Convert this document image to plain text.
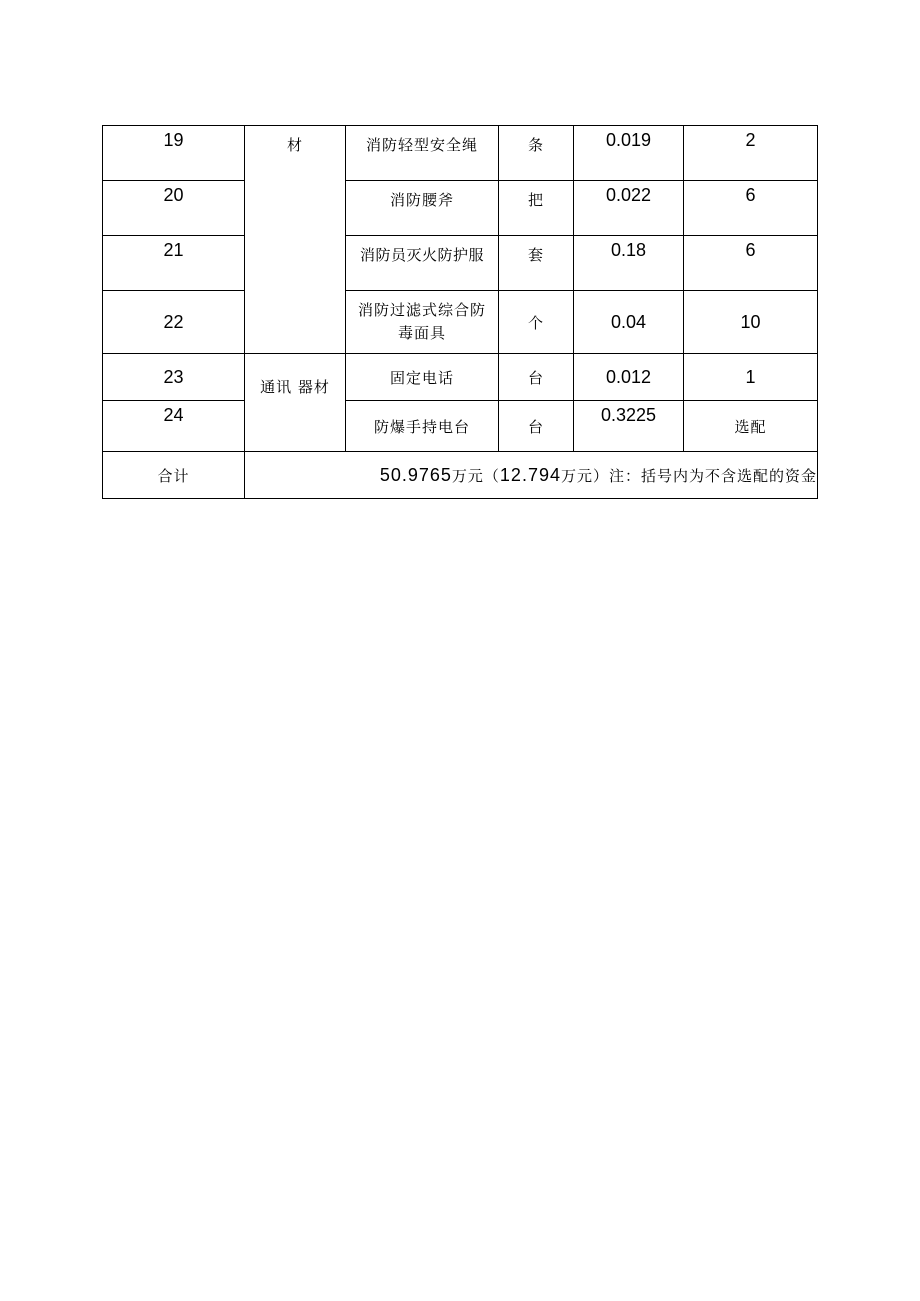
19	材	消防轻型安全绳	条	0.019	2
20		消防腰斧	把	0.022	6
21		消防员灭火防护服	套	0.18	6
22		消防过滤式综合防毒面具	个	0.04	10
23	通讯 器材	固定电话	台	0.012	1
24		防爆手持电台	台	0.3225	选配
合计	50.9765万元（12.794万元）注：括号内为不含选配的资金				
